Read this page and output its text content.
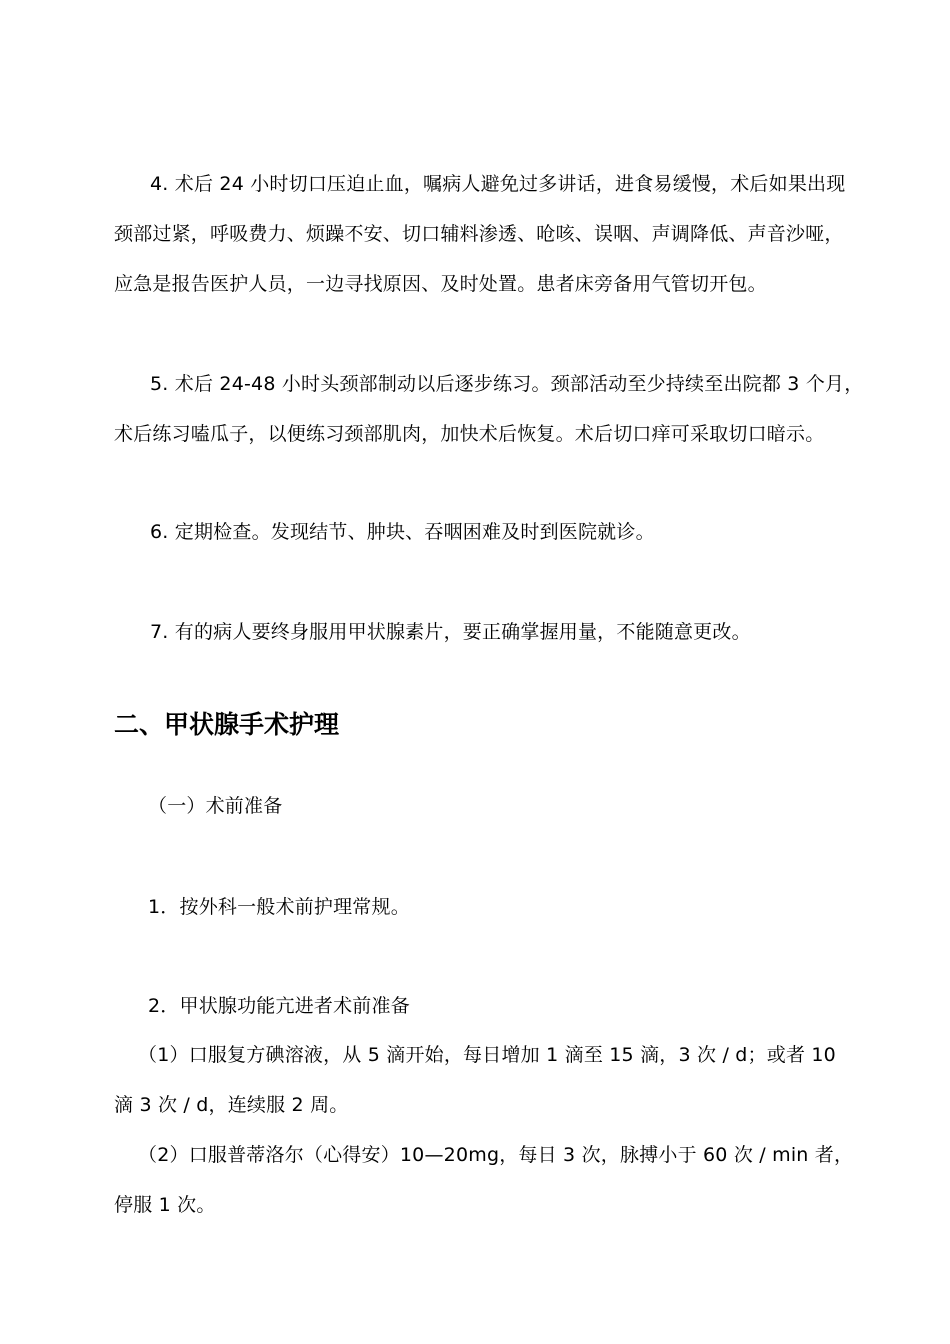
4. 术后 24 小时切口压迫止血，嘱病人避免过多讲话，进食易缓慢，术后如果出现
颈部过紧，呼吸费力、烦躁不安、切口辅料渗透、呛咳、误咽、声调降低、声音沙哑，
应急是报告医护人员，一边寻找原因、及时处置。患者床旁备用气管切开包。
5. 术后 24-48 小时头颈部制动以后逐步练习。颈部活动至少持续至出院都 3 个月，
术后练习嗑瓜子，以便练习颈部肌肉，加快术后恢复。术后切口痒可采取切口暗示。
6. 定期检查。发现结节、肿块、吞咽困难及时到医院就诊。
7. 有的病人要终身服用甲状腺素片，要正确掌握用量，不能随意更改。
二、甲状腺手术护理
（一）术前准备
1．按外科一般术前护理常规。
2．甲状腺功能亢进者术前准备
（1）口服复方碘溶液，从 5 滴开始，每日增加 1 滴至 15 滴，3 次 / d；或者 10
滴 3 次 / d，连续服 2 周。
（2）口服普蒂洛尔（心得安）10—20mg，每日 3 次，脉搏小于 60 次 / min 者，
停服 1 次。
